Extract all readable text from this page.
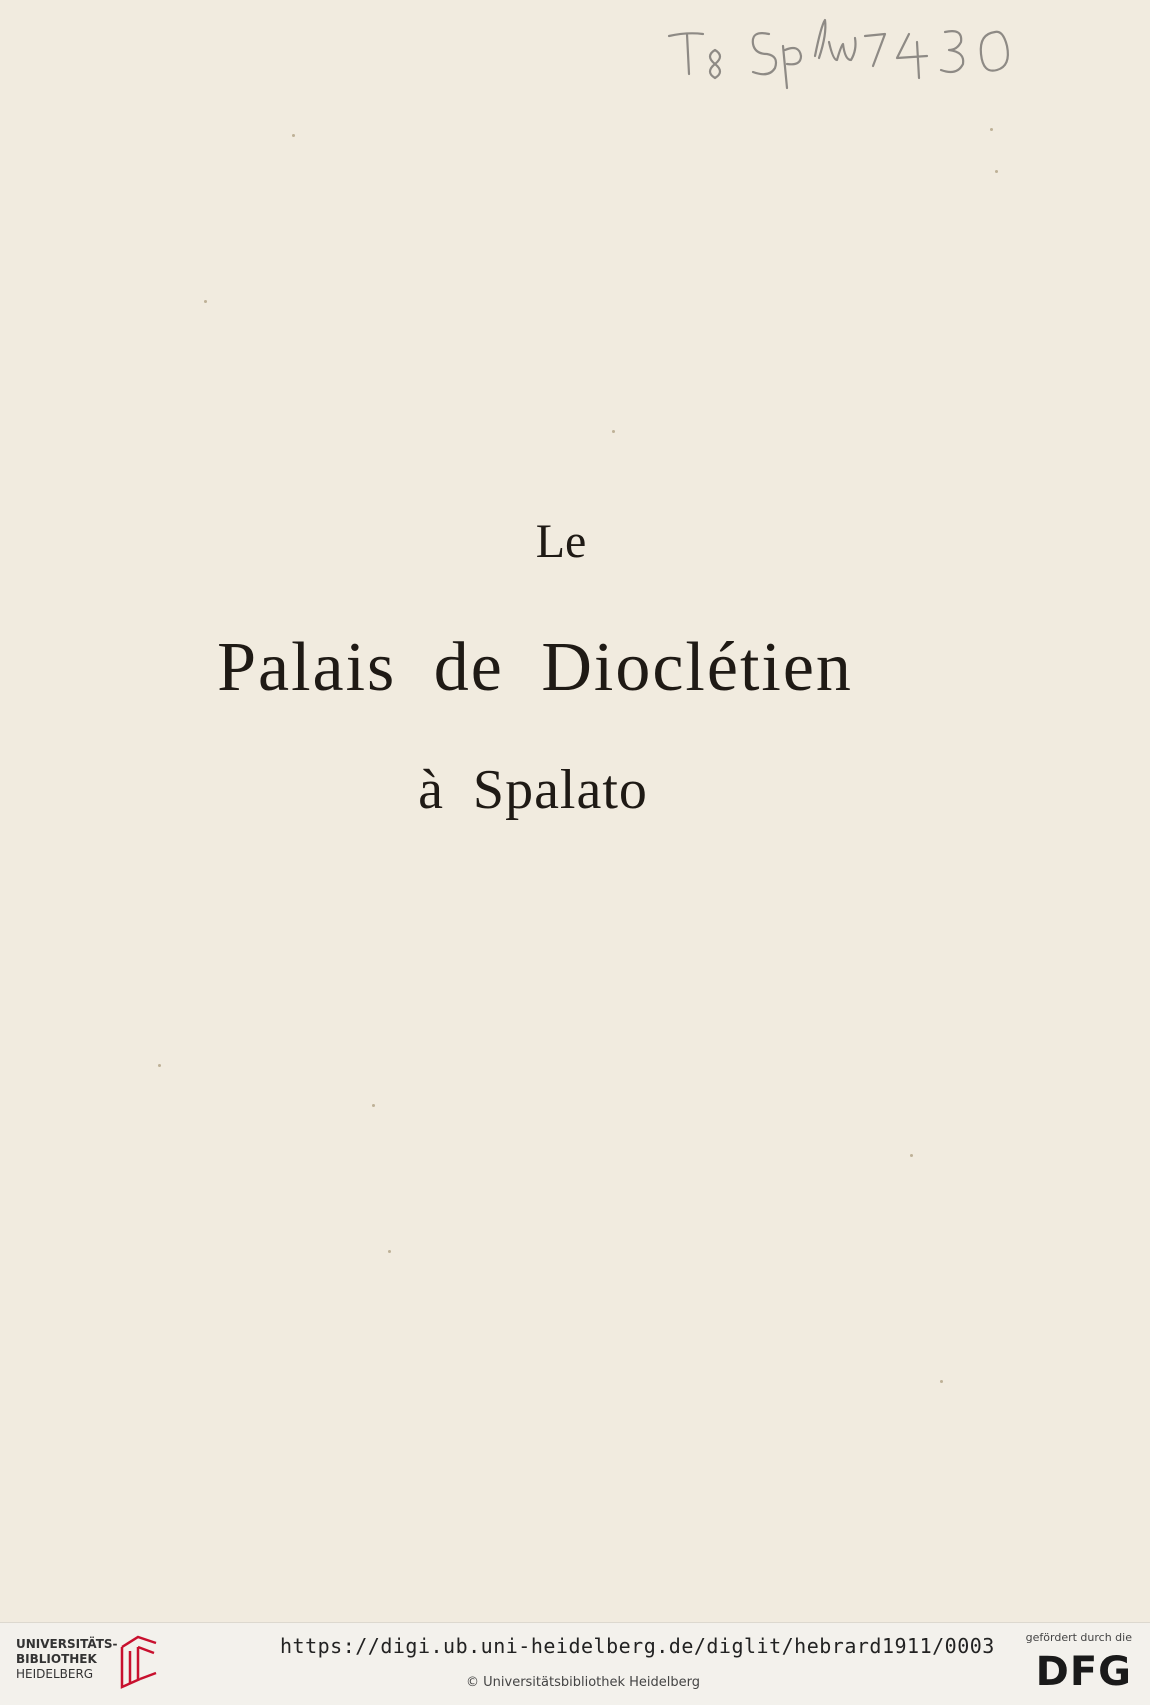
Le
Palais de Dioclétien
à Spalato
UNIVERSITÄTS-
BIBLIOTHEK
HEIDELBERG
https://digi.ub.uni-heidelberg.de/diglit/hebrard1911/0003
© Universitätsbibliothek Heidelberg
gefördert durch die
DFG
